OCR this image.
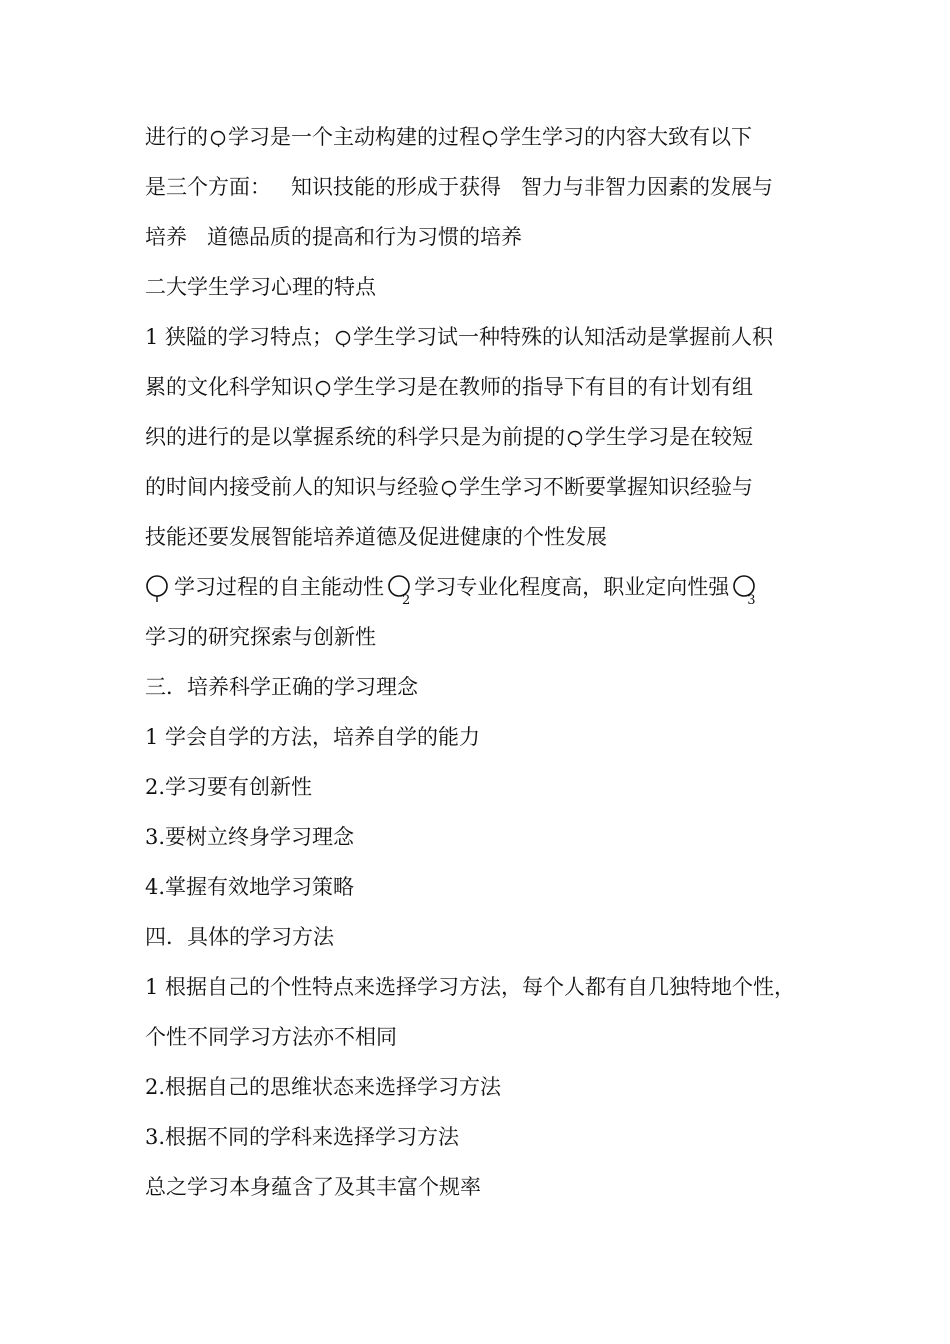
进行的 学习是一个主动构建的过程 学生学习的内容大致有以下
是三个方面： 知识技能的形成于获得 智力与非智力因素的发展与
培养 道德品质的提高和行为习惯的培养
二大学生学习心理的特点
1 狭隘的学习特点； 学生学习试一种特殊的认知活动是掌握前人积
累的文化科学知识 学生学习是在教师的指导下有目的有计划有组
织的进行的是以掌握系统的科学只是为前提的 学生学习是在较短
的时间内接受前人的知识与经验 学生学习不断要掌握知识经验与
技能还要发展智能培养道德及促进健康的个性发展
学习过程的自主能动性$_2$学习专业化程度高，职业定向性强$_3$
学习的研究探索与创新性
三．培养科学正确的学习理念
1 学会自学的方法，培养自学的能力
2.学习要有创新性
3.要树立终身学习理念
4.掌握有效地学习策略
四．具体的学习方法
1 根据自己的个性特点来选择学习方法，每个人都有自几独特地个性，
个性不同学习方法亦不相同
2.根据自己的思维状态来选择学习方法
3.根据不同的学科来选择学习方法
总之学习本身蕴含了及其丰富个规率
